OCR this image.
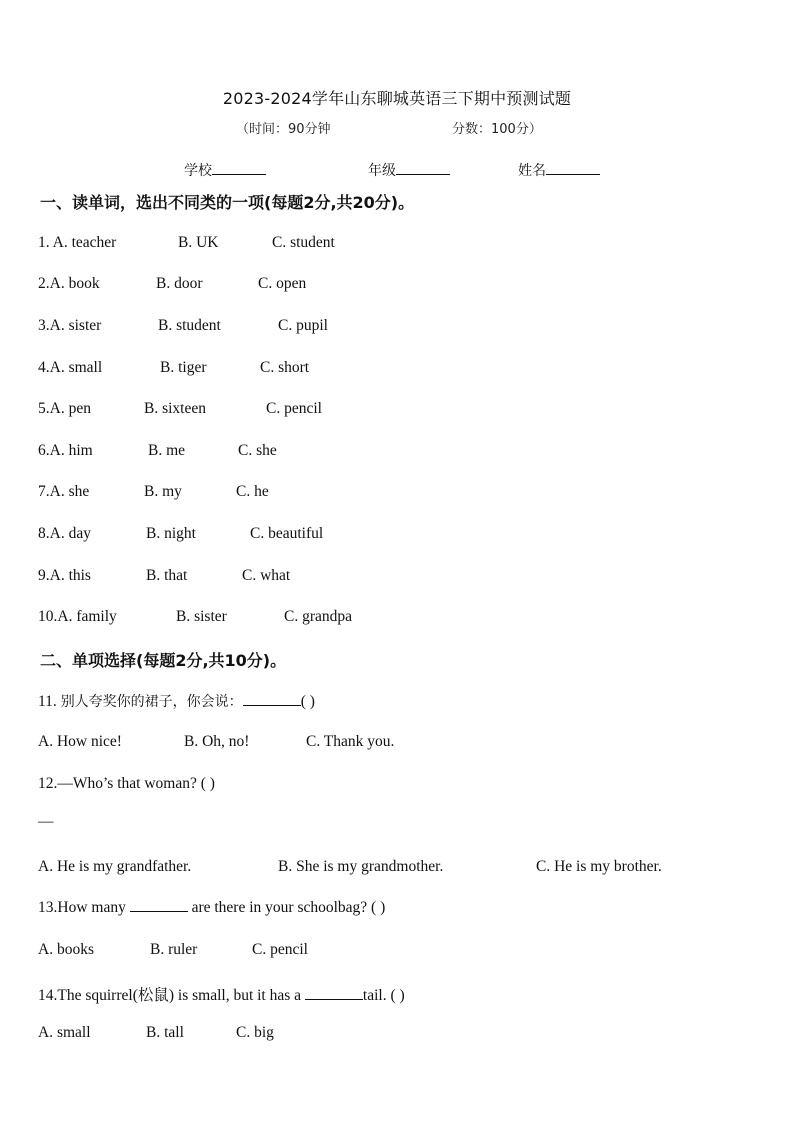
2023-2024学年山东聊城英语三下期中预测试题
（时间：90分钟	分数：100分）
学校	年级	姓名
一、读单词，选出不同类的一项(每题2分,共20分)。
1. A. teacher	B. UK	C. student
2.A. book	B. door	C. open
3.A. sister	B. student	C. pupil
4.A. small	B. tiger	C. short
5.A. pen	B. sixteen	C. pencil
6.A. him	B. me	C. she
7.A. she	B. my	C. he
8.A. day	B. night	C. beautiful
9.A. this	B. that	C. what
10.A. family	B. sister	C. grandpa
二、单项选择(每题2分,共10分)。
11. 别人夸奖你的裙子，你会说：	( )
A. How nice!	B. Oh, no!	C. Thank you.
12.—Who’s that woman? ( )
—
A. He is my grandfather.	B. She is my grandmother.	C. He is my brother.
13.How many	are there in your schoolbag? ( )
A. books	B. ruler	C. pencil
14.The squirrel(松鼠) is small, but it has a	tail. ( )
A. small	B. tall	C. big
